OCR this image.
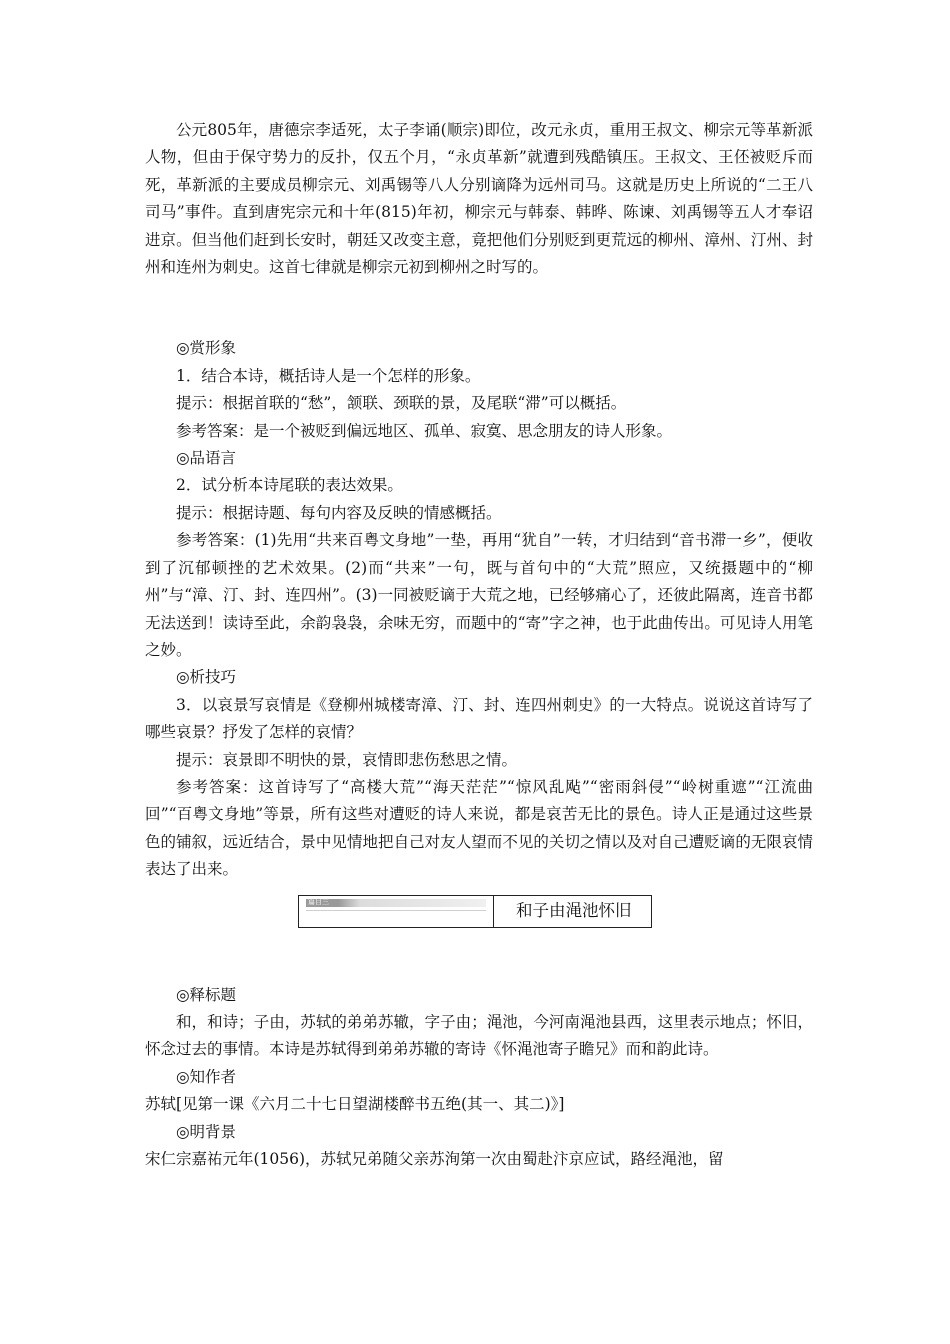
公元805年，唐德宗李适死，太子李诵(顺宗)即位，改元永贞，重用王叔文、柳宗元等革新派人物，但由于保守势力的反扑，仅五个月，“永贞革新”就遭到残酷镇压。王叔文、王伾被贬斥而死，革新派的主要成员柳宗元、刘禹锡等八人分别谪降为远州司马。这就是历史上所说的“二王八司马”事件。直到唐宪宗元和十年(815)年初，柳宗元与韩泰、韩晔、陈谏、刘禹锡等五人才奉诏进京。但当他们赶到长安时，朝廷又改变主意，竟把他们分别贬到更荒远的柳州、漳州、汀州、封州和连州为刺史。这首七律就是柳宗元初到柳州之时写的。

◎赏形象

1．结合本诗，概括诗人是一个怎样的形象。

提示：根据首联的“愁”，颔联、颈联的景，及尾联“滞”可以概括。

参考答案：是一个被贬到偏远地区、孤单、寂寞、思念朋友的诗人形象。

◎品语言

2．试分析本诗尾联的表达效果。

提示：根据诗题、每句内容及反映的情感概括。

参考答案：(1)先用“共来百粤文身地”一垫，再用“犹自”一转，才归结到“音书滞一乡”，便收到了沉郁顿挫的艺术效果。(2)而“共来”一句，既与首句中的“大荒”照应，又统摄题中的“柳州”与“漳、汀、封、连四州”。(3)一同被贬谪于大荒之地，已经够痛心了，还彼此隔离，连音书都无法送到！读诗至此，余韵袅袅，余味无穷，而题中的“寄”字之神，也于此曲传出。可见诗人用笔之妙。

◎析技巧

3．以哀景写哀情是《登柳州城楼寄漳、汀、封、连四州刺史》的一大特点。说说这首诗写了哪些哀景？抒发了怎样的哀情？

提示：哀景即不明快的景，哀情即悲伤愁思之情。

参考答案：这首诗写了“高楼大荒”“海天茫茫”“惊风乱飐”“密雨斜侵”“岭树重遮”“江流曲回”“百粤文身地”等景，所有这些对遭贬的诗人来说，都是哀苦无比的景色。诗人正是通过这些景色的铺叙，远近结合，景中见情地把自己对友人望而不见的关切之情以及对自己遭贬谪的无限哀情表达了出来。

篇目三	和子由渑池怀旧

◎释标题

和，和诗；子由，苏轼的弟弟苏辙，字子由；渑池，今河南渑池县西，这里表示地点；怀旧，怀念过去的事情。本诗是苏轼得到弟弟苏辙的寄诗《怀渑池寄子瞻兄》而和韵此诗。

◎知作者

苏轼[见第一课《六月二十七日望湖楼醉书五绝(其一、其二)》]

◎明背景

宋仁宗嘉祐元年(1056)，苏轼兄弟随父亲苏洵第一次由蜀赴汴京应试，路经渑池，留
